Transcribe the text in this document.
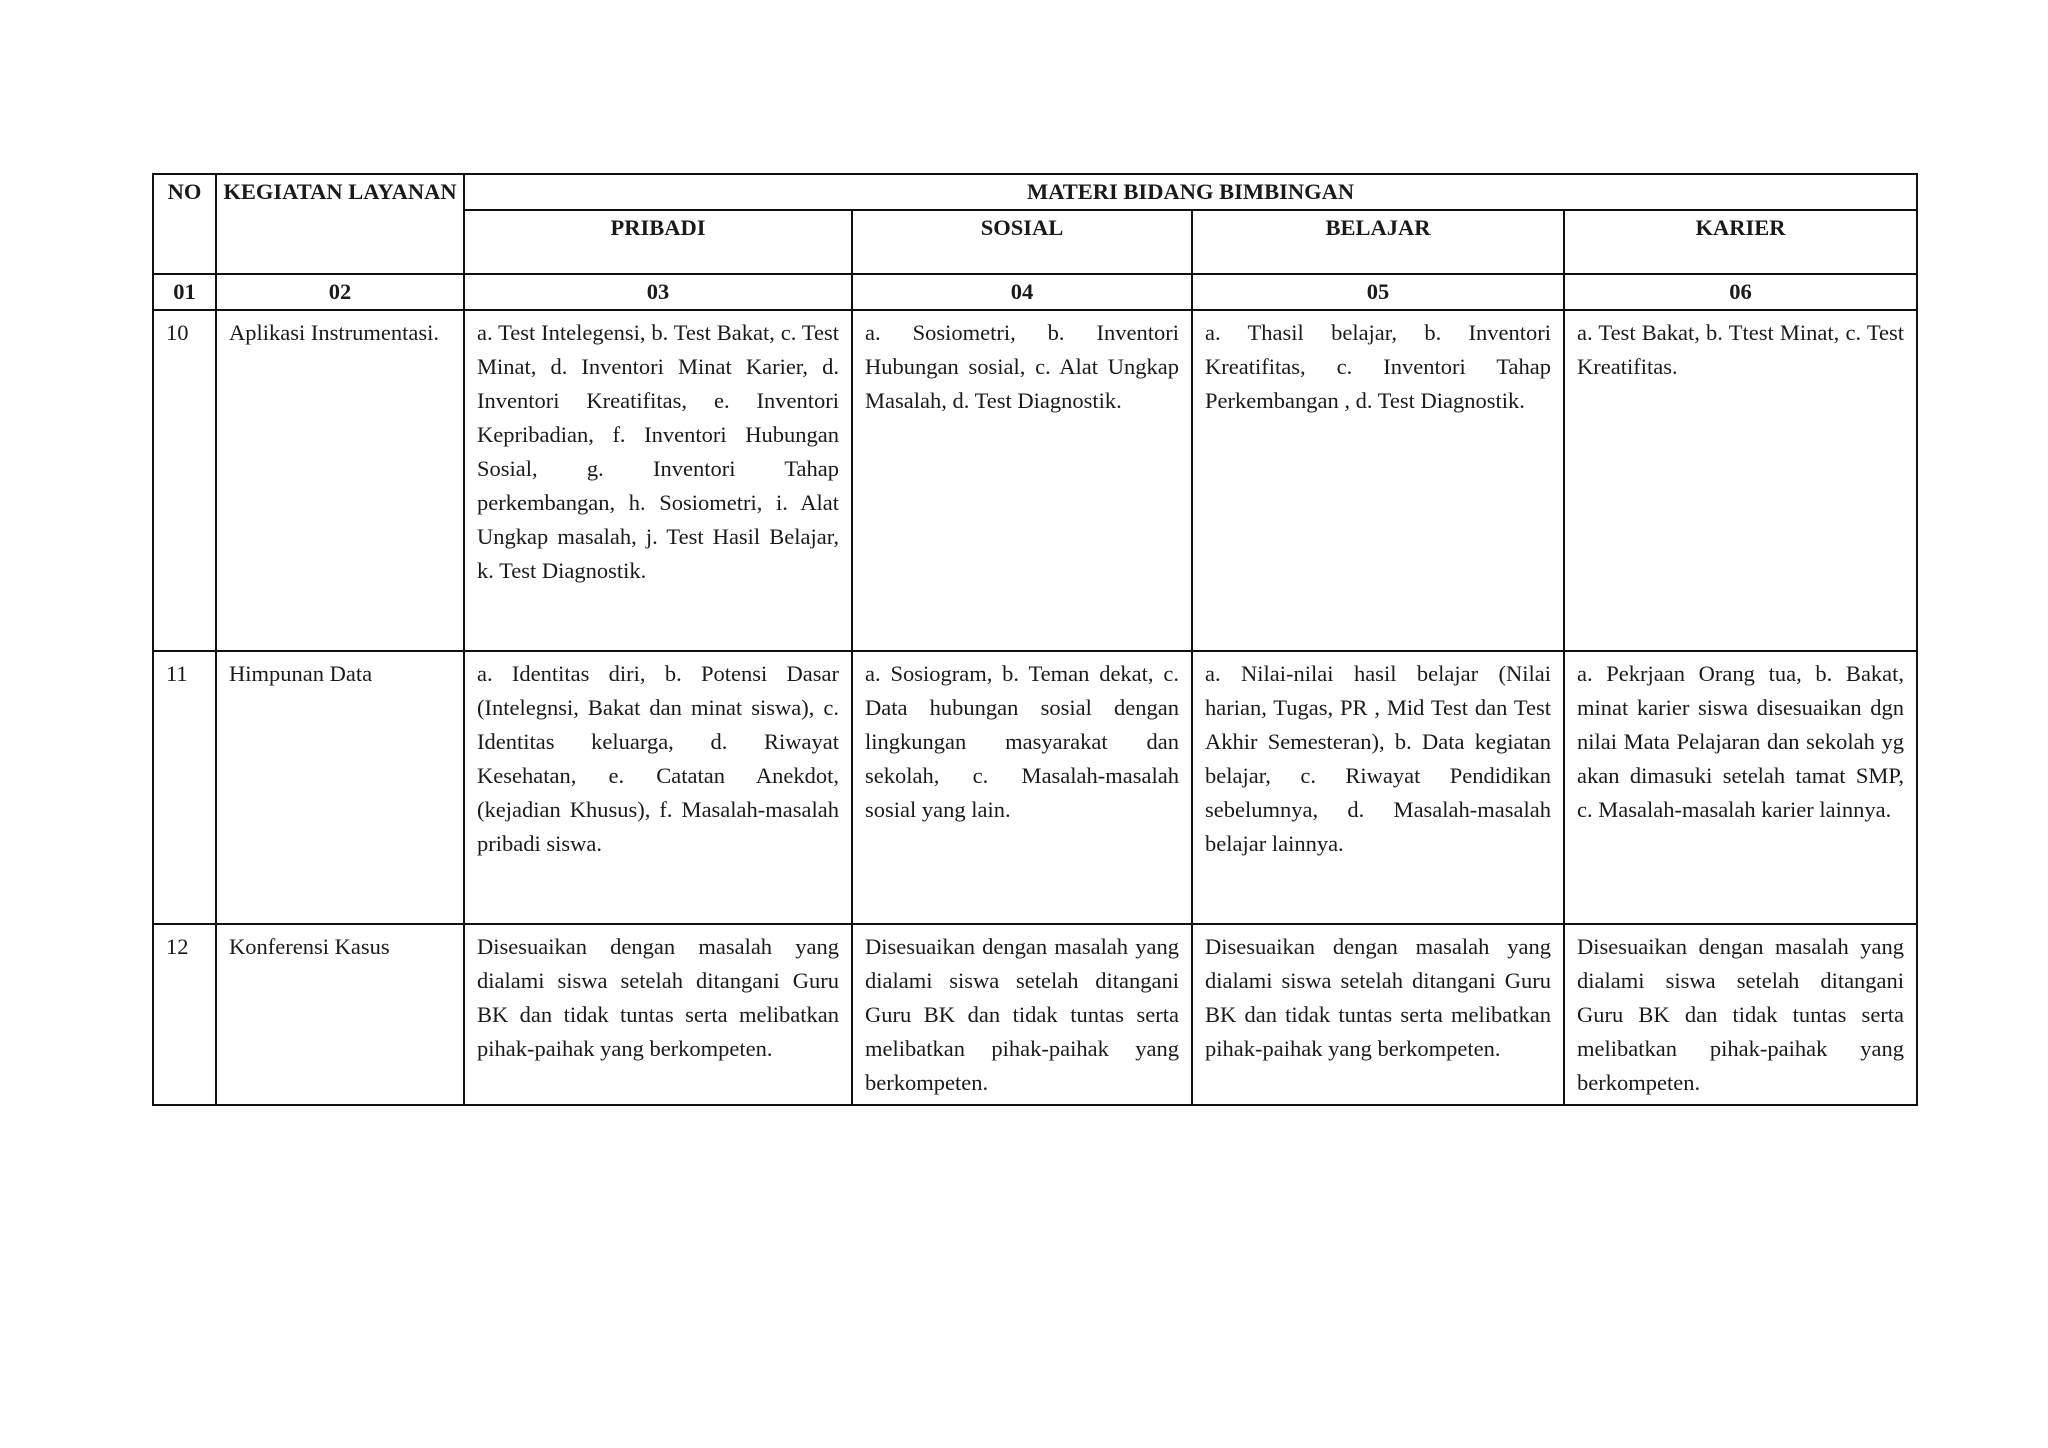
NO	KEGIATAN LAYANAN	MATERI BIDANG BIMBINGAN			
		PRIBADI	SOSIAL	BELAJAR	KARIER
01	02	03	04	05	06
10	Aplikasi Instrumentasi.	a. Test Intelegensi, b. Test Bakat, c. Test Minat, d. Inventori Minat Karier, d. Inventori Kreatifitas, e. Inventori Kepribadian, f. Inventori Hubungan Sosial, g. Inventori Tahap perkembangan, h. Sosiometri, i. Alat Ungkap masalah, j. Test Hasil Belajar, k. Test Diagnostik.	a. Sosiometri, b. Inventori Hubungan sosial, c. Alat Ungkap Masalah, d. Test Diagnostik.	a. Thasil belajar, b. Inventori Kreatifitas, c. Inventori Tahap Perkembangan , d. Test Diagnostik.	a. Test Bakat, b. Ttest Minat, c. Test Kreatifitas.
11	Himpunan Data	a. Identitas diri, b. Potensi Dasar (Intelegnsi, Bakat dan minat siswa), c. Identitas keluarga, d. Riwayat Kesehatan, e. Catatan Anekdot, (kejadian Khusus), f. Masalah-masalah pribadi siswa.	a. Sosiogram, b. Teman dekat, c. Data hubungan sosial dengan lingkungan masyarakat dan sekolah, c. Masalah-masalah sosial yang lain.	a. Nilai-nilai hasil belajar (Nilai harian, Tugas, PR , Mid Test dan Test Akhir Semesteran), b. Data kegiatan belajar, c. Riwayat Pendidikan sebelumnya, d. Masalah-masalah belajar lainnya.	a. Pekrjaan Orang tua, b. Bakat, minat karier siswa disesuaikan dgn nilai Mata Pelajaran dan sekolah yg akan dimasuki setelah tamat SMP, c. Masalah-masalah karier lainnya.
12	Konferensi Kasus	Disesuaikan dengan masalah yang dialami siswa setelah ditangani Guru BK dan tidak tuntas serta melibatkan pihak-paihak yang berkompeten.	Disesuaikan dengan masalah yang dialami siswa setelah ditangani Guru BK dan tidak tuntas serta melibatkan pihak-paihak yang berkompeten.	Disesuaikan dengan masalah yang dialami siswa setelah ditangani Guru BK dan tidak tuntas serta melibatkan pihak-paihak yang berkompeten.	Disesuaikan dengan masalah yang dialami siswa setelah ditangani Guru BK dan tidak tuntas serta melibatkan pihak-paihak yang berkompeten.
